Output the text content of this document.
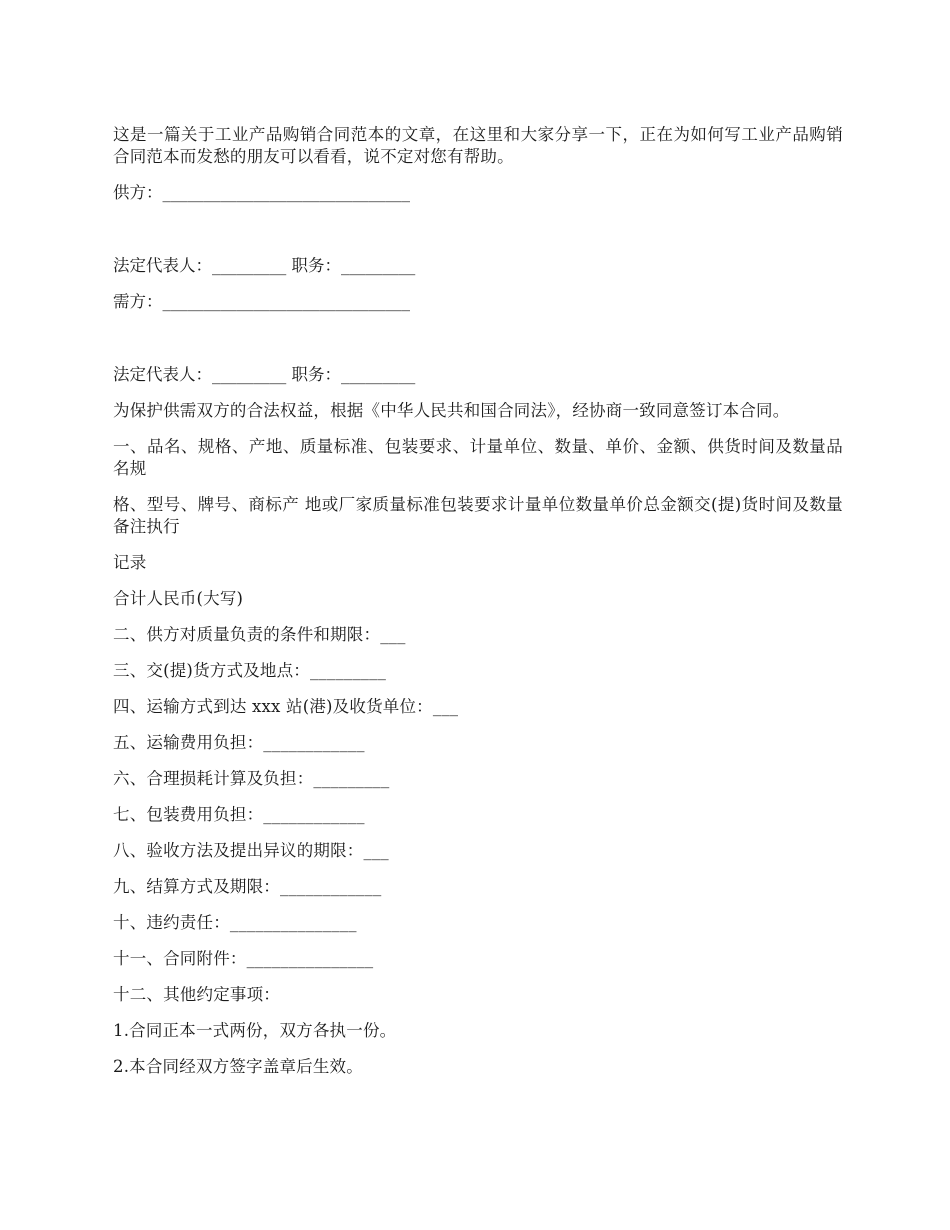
这是一篇关于工业产品购销合同范本的文章，在这里和大家分享一下，正在为如何写工业产品购销合同范本而发愁的朋友可以看看，说不定对您有帮助。

供方：______________________________

法定代表人：_________ 职务：_________

需方：______________________________

法定代表人：_________ 职务：_________

为保护供需双方的合法权益，根据《中华人民共和国合同法》，经协商一致同意签订本合同。

一、品名、规格、产地、质量标准、包装要求、计量单位、数量、单价、金额、供货时间及数量品名规

格、型号、牌号、商标产 地或厂家质量标准包装要求计量单位数量单价总金额交(提)货时间及数量备注执行

记录

合计人民币(大写)

二、供方对质量负责的条件和期限：___

三、交(提)货方式及地点：_________

四、运输方式到达 xxx 站(港)及收货单位：___

五、运输费用负担：____________

六、合理损耗计算及负担：_________

七、包装费用负担：____________

八、验收方法及提出异议的期限：___

九、结算方式及期限：____________

十、违约责任：_______________

十一、合同附件：_______________

十二、其他约定事项：

1.合同正本一式两份，双方各执一份。

2.本合同经双方签字盖章后生效。
